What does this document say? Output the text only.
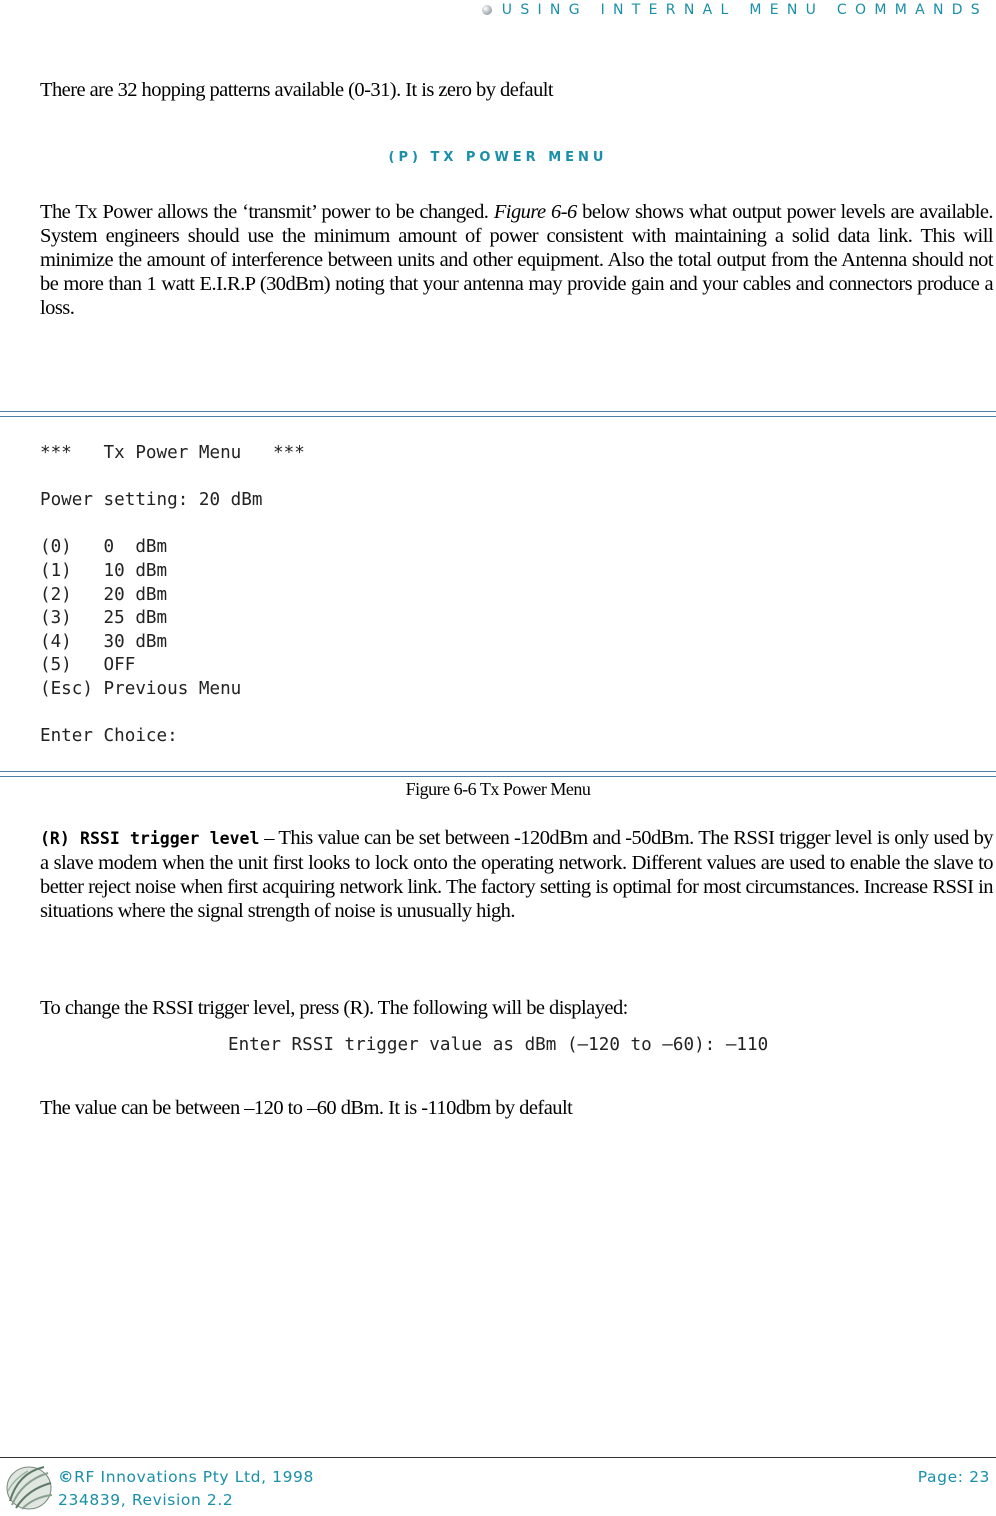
USING INTERNAL MENU COMMANDS
There are 32 hopping patterns available (0-31). It is zero by default
(P) TX POWER MENU
The Tx Power allows the ‘transmit’ power to be changed. Figure 6-6 below shows what output power levels are available. System engineers should use the minimum amount of power consistent with maintaining a solid data link. This will minimize the amount of interference between units and other equipment. Also the total output from the Antenna should not be more than 1 watt E.I.R.P (30dBm) noting that your antenna may provide gain and your cables and connectors produce a loss.
***   Tx Power Menu   ***

Power setting: 20 dBm

(0)   0  dBm
(1)   10 dBm
(2)   20 dBm
(3)   25 dBm
(4)   30 dBm
(5)   OFF
(Esc) Previous Menu

Enter Choice:
Figure 6-6 Tx Power Menu
(R) RSSI trigger level – This value can be set between -120dBm and -50dBm. The RSSI trigger level is only used by a slave modem when the unit first looks to lock onto the operating network. Different values are used to enable the slave to better reject noise when first acquiring network link. The factory setting is optimal for most circumstances. Increase RSSI in situations where the signal strength of noise is unusually high.
To change the RSSI trigger level, press (R). The following will be displayed:
Enter RSSI trigger value as dBm (–120 to –60): –110
The value can be between –120 to –60 dBm. It is -110dbm by default
©RF Innovations Pty Ltd, 1998
234839, Revision 2.2
Page: 23
